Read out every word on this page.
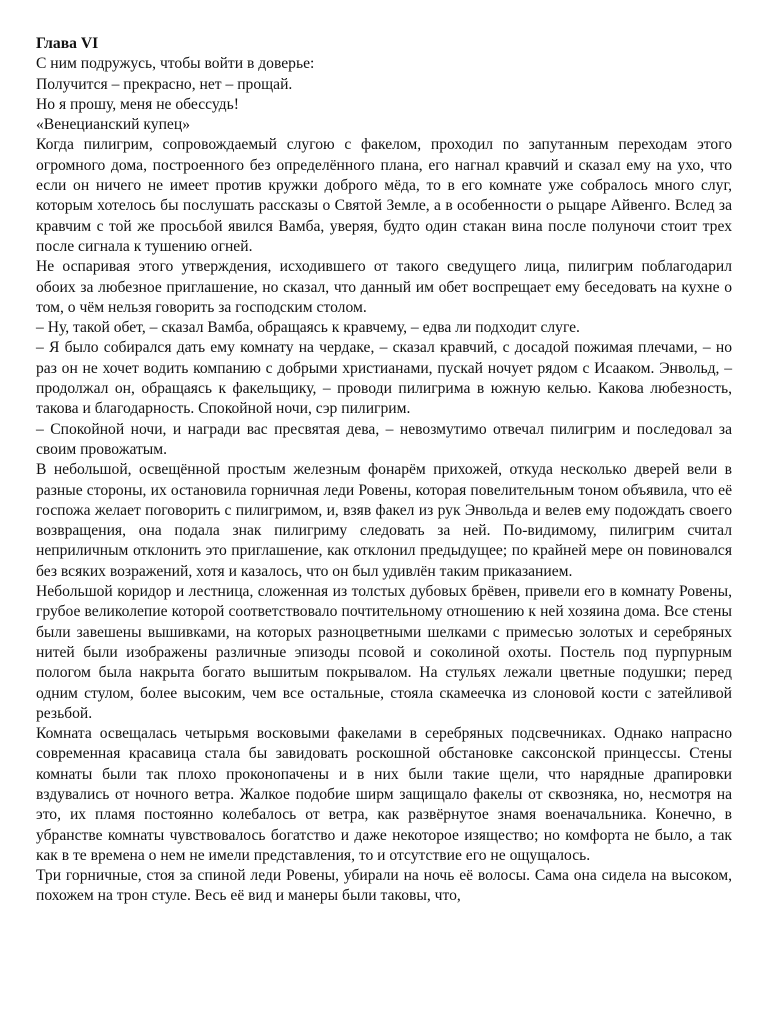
Глава VI
С ним подружусь, чтобы войти в доверье:
Получится – прекрасно, нет – прощай.
Но я прошу, меня не обессудь!
«Венецианский купец»

Когда пилигрим, сопровождаемый слугою с факелом, проходил по запутанным переходам этого огромного дома, построенного без определённого плана, его нагнал кравчий и сказал ему на ухо, что если он ничего не имеет против кружки доброго мёда, то в его комнате уже собралось много слуг, которым хотелось бы послушать рассказы о Святой Земле, а в особенности о рыцаре Айвенго. Вслед за кравчим с той же просьбой явился Вамба, уверяя, будто один стакан вина после полуночи стоит трех после сигнала к тушению огней.

Не оспаривая этого утверждения, исходившего от такого сведущего лица, пилигрим поблагодарил обоих за любезное приглашение, но сказал, что данный им обет воспрещает ему беседовать на кухне о том, о чём нельзя говорить за господским столом.

– Ну, такой обет, – сказал Вамба, обращаясь к кравчему, – едва ли подходит слуге.

– Я было собирался дать ему комнату на чердаке, – сказал кравчий, с досадой пожимая плечами, – но раз он не хочет водить компанию с добрыми христианами, пускай ночует рядом с Исааком. Энвольд, – продолжал он, обращаясь к факельщику, – проводи пилигрима в южную келью. Какова любезность, такова и благодарность. Спокойной ночи, сэр пилигрим.

– Спокойной ночи, и награди вас пресвятая дева, – невозмутимо отвечал пилигрим и последовал за своим провожатым.

В небольшой, освещённой простым железным фонарём прихожей, откуда несколько дверей вели в разные стороны, их остановила горничная леди Ровены, которая повелительным тоном объявила, что её госпожа желает поговорить с пилигримом, и, взяв факел из рук Энвольда и велев ему подождать своего возвращения, она подала знак пилигриму следовать за ней. По-видимому, пилигрим считал неприличным отклонить это приглашение, как отклонил предыдущее; по крайней мере он повиновался без всяких возражений, хотя и казалось, что он был удивлён таким приказанием.

Небольшой коридор и лестница, сложенная из толстых дубовых брёвен, привели его в комнату Ровены, грубое великолепие которой соответствовало почтительному отношению к ней хозяина дома. Все стены были завешены вышивками, на которых разноцветными шелками с примесью золотых и серебряных нитей были изображены различные эпизоды псовой и соколиной охоты. Постель под пурпурным пологом была накрыта богато вышитым покрывалом. На стульях лежали цветные подушки; перед одним стулом, более высоким, чем все остальные, стояла скамеечка из слоновой кости с затейливой резьбой.

Комната освещалась четырьмя восковыми факелами в серебряных подсвечниках. Однако напрасно современная красавица стала бы завидовать роскошной обстановке саксонской принцессы. Стены комнаты были так плохо проконопачены и в них были такие щели, что нарядные драпировки вздувались от ночного ветра. Жалкое подобие ширм защищало факелы от сквозняка, но, несмотря на это, их пламя постоянно колебалось от ветра, как развёрнутое знамя военачальника. Конечно, в убранстве комнаты чувствовалось богатство и даже некоторое изящество; но комфорта не было, а так как в те времена о нем не имели представления, то и отсутствие его не ощущалось.

Три горничные, стоя за спиной леди Ровены, убирали на ночь её волосы. Сама она сидела на высоком, похожем на трон стуле. Весь её вид и манеры были таковы, что,
